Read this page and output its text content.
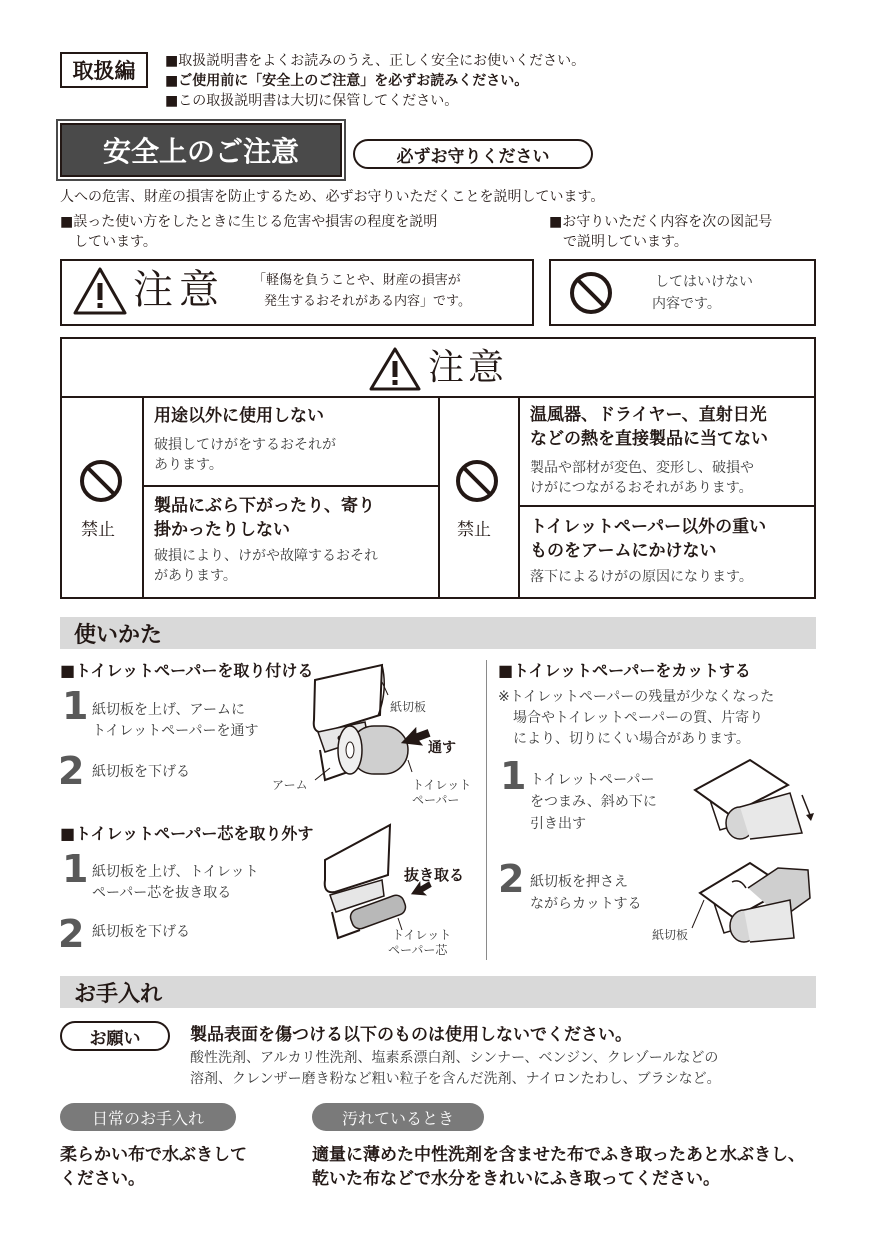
取扱編	■取扱説明書をよくお読みのうえ、正しく安全にお使いください。
■ご使用前に「安全上のご注意」を必ずお読みください。
■この取扱説明書は大切に保管してください。
安全上のご注意	必ずお守りください
人への危害、財産の損害を防止するため、必ずお守りいただくことを説明しています。
■誤った使い方をしたときに生じる危害や損害の程度を説明
しています。
■お守りいただく内容を次の図記号
で説明しています。
注意 「軽傷を負うことや、財産の損害が
発生するおそれがある内容」です。
してはいけない
内容です。
注意
禁止	禁止
用途以外に使用しない
破損してけがをするおそれが
あります。
製品にぶら下がったり、寄り
掛かったりしない
破損により、けがや故障するおそれ
があります。
温風器、ドライヤー、直射日光
などの熱を直接製品に当てない
製品や部材が変色、変形し、破損や
けがにつながるおそれがあります。
トイレットペーパー以外の重い
ものをアームにかけない
落下によるけがの原因になります。
使いかた
■トイレットペーパーを取り付ける
1 紙切板を上げ、アームに
トイレットペーパーを通す
2 紙切板を下げる
紙切板
通す
アーム	トイレット
ペーパー
■トイレットペーパー芯を取り外す
1 紙切板を上げ、トイレット
ペーパー芯を抜き取る
2 紙切板を下げる
抜き取る
トイレット
ペーパー芯
■トイレットペーパーをカットする
※トイレットペーパーの残量が少なくなった
場合やトイレットペーパーの質、片寄り
により、切りにくい場合があります。
1 トイレットペーパー
をつまみ、斜め下に
引き出す
2 紙切板を押さえ
ながらカットする
紙切板
お手入れ
お願い	製品表面を傷つける以下のものは使用しないでください。
酸性洗剤、アルカリ性洗剤、塩素系漂白剤、シンナー、ベンジン、クレゾールなどの
溶剤、クレンザー磨き粉など粗い粒子を含んだ洗剤、ナイロンたわし、ブラシなど。
日常のお手入れ
柔らかい布で水ぶきして
ください。
汚れているとき
適量に薄めた中性洗剤を含ませた布でふき取ったあと水ぶきし、
乾いた布などで水分をきれいにふき取ってください。
